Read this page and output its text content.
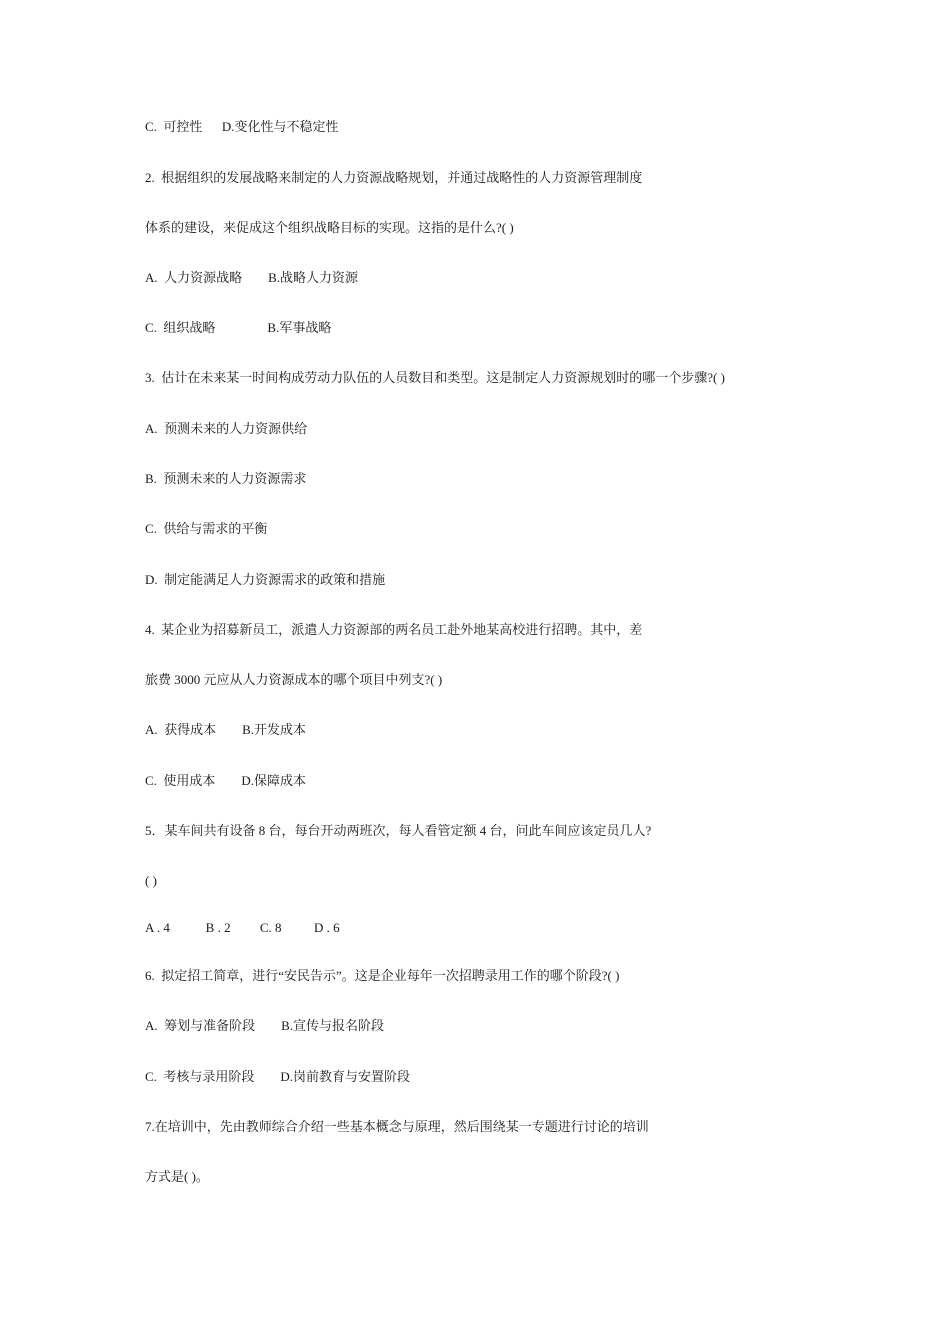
C.  可控性      D.变化性与不稳定性
2.  根据组织的发展战略来制定的人力资源战略规划，并通过战略性的人力资源管理制度
体系的建设，来促成这个组织战略目标的实现。这指的是什么?( )
A.  人力资源战略        B.战略人力资源
C.  组织战略                B.军事战略
3.  估计在未来某一时间构成劳动力队伍的人员数目和类型。这是制定人力资源规划时的哪一个步骤?( )
A.  预测未来的人力资源供给
B.  预测未来的人力资源需求
C.  供给与需求的平衡
D.  制定能满足人力资源需求的政策和措施
4.  某企业为招募新员工，派遣人力资源部的两名员工赴外地某高校进行招聘。其中，差
旅费 3000 元应从人力资源成本的哪个项目中列支?( )
A.  获得成本        B.开发成本
C.  使用成本        D.保障成本
5．某车间共有设备 8 台，每台开动两班次，每人看管定额 4 台，问此车间应该定员几人?
( )
A . 4           B . 2         C. 8          D . 6
6.  拟定招工简章，进行“安民告示”。这是企业每年一次招聘录用工作的哪个阶段?( )
A.  筹划与准备阶段        B.宣传与报名阶段
C.  考核与录用阶段        D.岗前教育与安置阶段
7.在培训中，先由教师综合介绍一些基本概念与原理，然后围绕某一专题进行讨论的培训
方式是( )。
